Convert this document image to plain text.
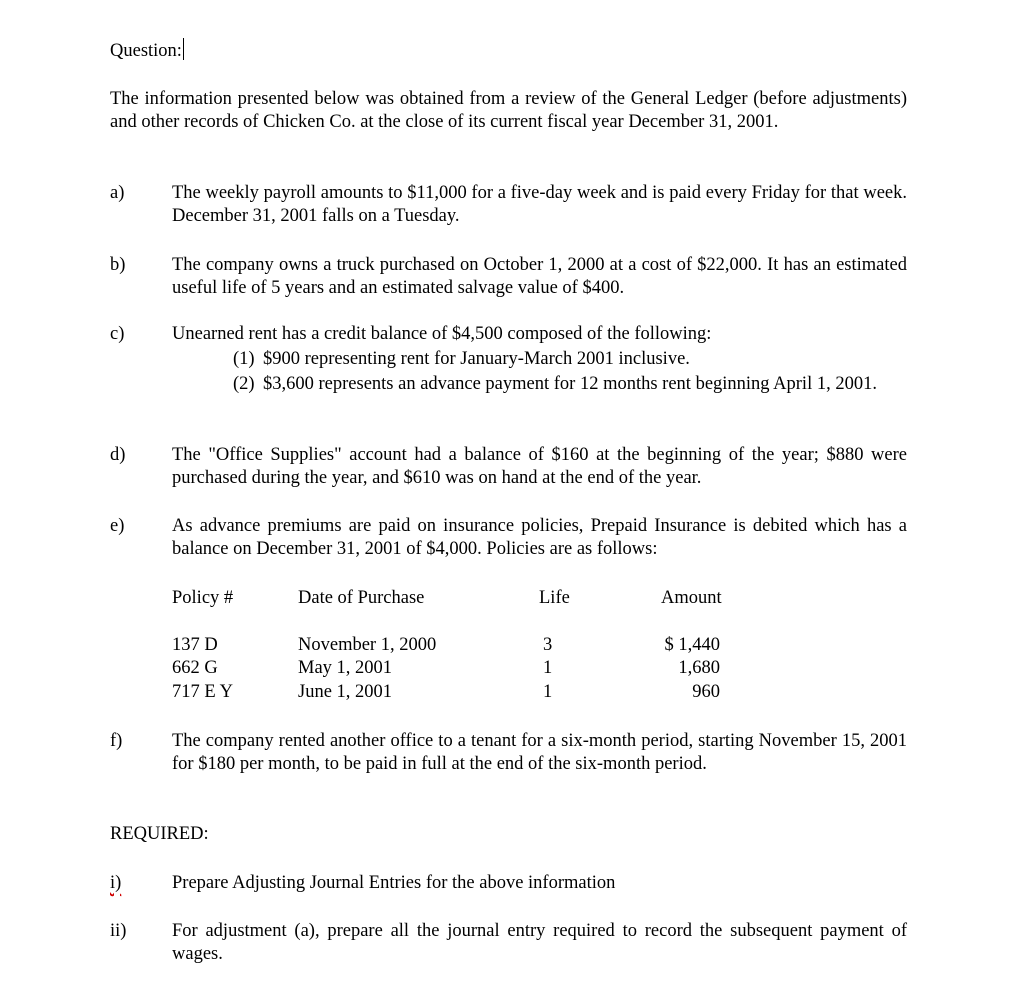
Question:
The information presented below was obtained from a review of the General Ledger (before adjustments) and other records of Chicken Co. at the close of its current fiscal year December 31, 2001.
a)	The weekly payroll amounts to $11,000 for a five-day week and is paid every Friday for that week. December 31, 2001 falls on a Tuesday.
b)	The company owns a truck purchased on October 1, 2000 at a cost of $22,000. It has an estimated useful life of 5 years and an estimated salvage value of $400.
c)	Unearned rent has a credit balance of $4,500 composed of the following:
(1) $900 representing rent for January-March 2001 inclusive.
(2) $3,600 represents an advance payment for 12 months rent beginning April 1, 2001.
d)	The "Office Supplies" account had a balance of $160 at the beginning of the year; $880 were purchased during the year, and $610 was on hand at the end of the year.
e)	As advance premiums are paid on insurance policies, Prepaid Insurance is debited which has a balance on December 31, 2001 of $4,000. Policies are as follows:
Policy #	Date of Purchase	Life	Amount
137 D	November 1, 2000	3	$ 1,440
662 G	May 1, 2001	1	1,680
717 E Y	June 1, 2001	1	960
f)	The company rented another office to a tenant for a six-month period, starting November 15, 2001 for $180 per month, to be paid in full at the end of the six-month period.
REQUIRED:
i)	Prepare Adjusting Journal Entries for the above information
ii)	For adjustment (a), prepare all the journal entry required to record the subsequent payment of wages.
